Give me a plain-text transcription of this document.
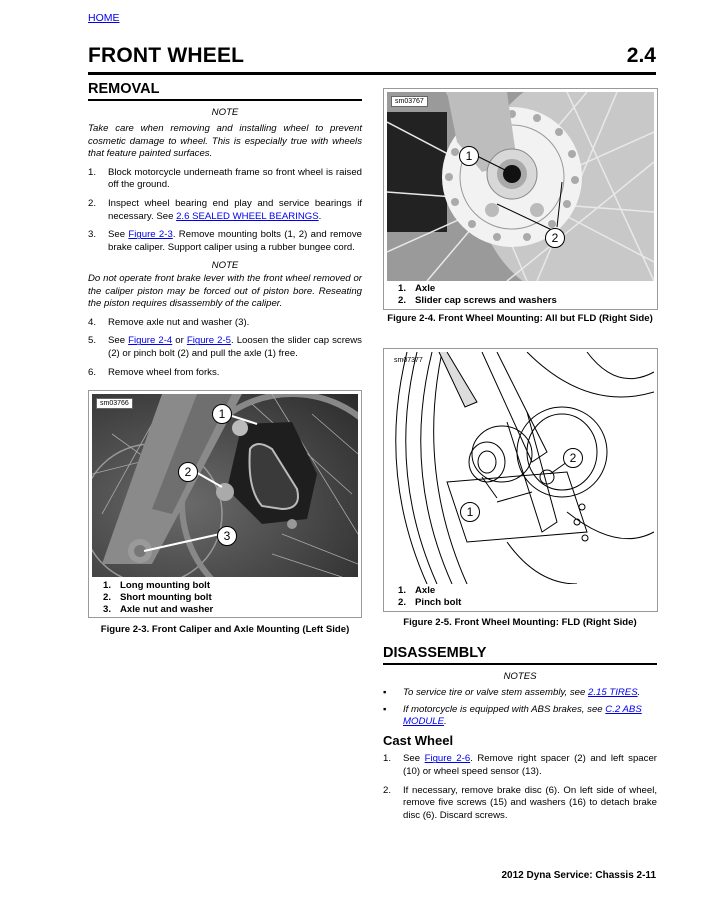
HOME
FRONT WHEEL	2.4
REMOVAL
NOTE
Take care when removing and installing wheel to prevent cosmetic damage to wheel. This is especially true with wheels that feature painted surfaces.
1.	Block motorcycle underneath frame so front wheel is raised off the ground.
2.	Inspect wheel bearing end play and service bearings if necessary. See 2.6 SEALED WHEEL BEARINGS.
3.	See Figure 2-3. Remove mounting bolts (1, 2) and remove brake caliper. Support caliper using a rubber bungee cord.
NOTE
Do not operate front brake lever with the front wheel removed or the caliper piston may be forced out of piston bore. Reseating the piston requires disassembly of the caliper.
4.	Remove axle nut and washer (3).
5.	See Figure 2-4 or Figure 2-5. Loosen the slider cap screws (2) or pinch bolt (2) and pull the axle (1) free.
6.	Remove wheel from forks.
sm03766
1
2
3
1. Long mounting bolt
2. Short mounting bolt
3. Axle nut and washer
Figure 2-3. Front Caliper and Axle Mounting (Left Side)
sm03767
1
2
1. Axle
2. Slider cap screws and washers
Figure 2-4. Front Wheel Mounting: All but FLD (Right Side)
sm07377
2
1
1. Axle
2. Pinch bolt
Figure 2-5. Front Wheel Mounting: FLD (Right Side)
DISASSEMBLY
NOTES
▪	To service tire or valve stem assembly, see 2.15 TIRES.
▪	If motorcycle is equipped with ABS brakes, see C.2 ABS MODULE.
Cast Wheel
1.	See Figure 2-6. Remove right spacer (2) and left spacer (10) or wheel speed sensor (13).
2.	If necessary, remove brake disc (6). On left side of wheel, remove five screws (15) and washers (16) to detach brake disc (6). Discard screws.
2012 Dyna Service: Chassis 2-11
